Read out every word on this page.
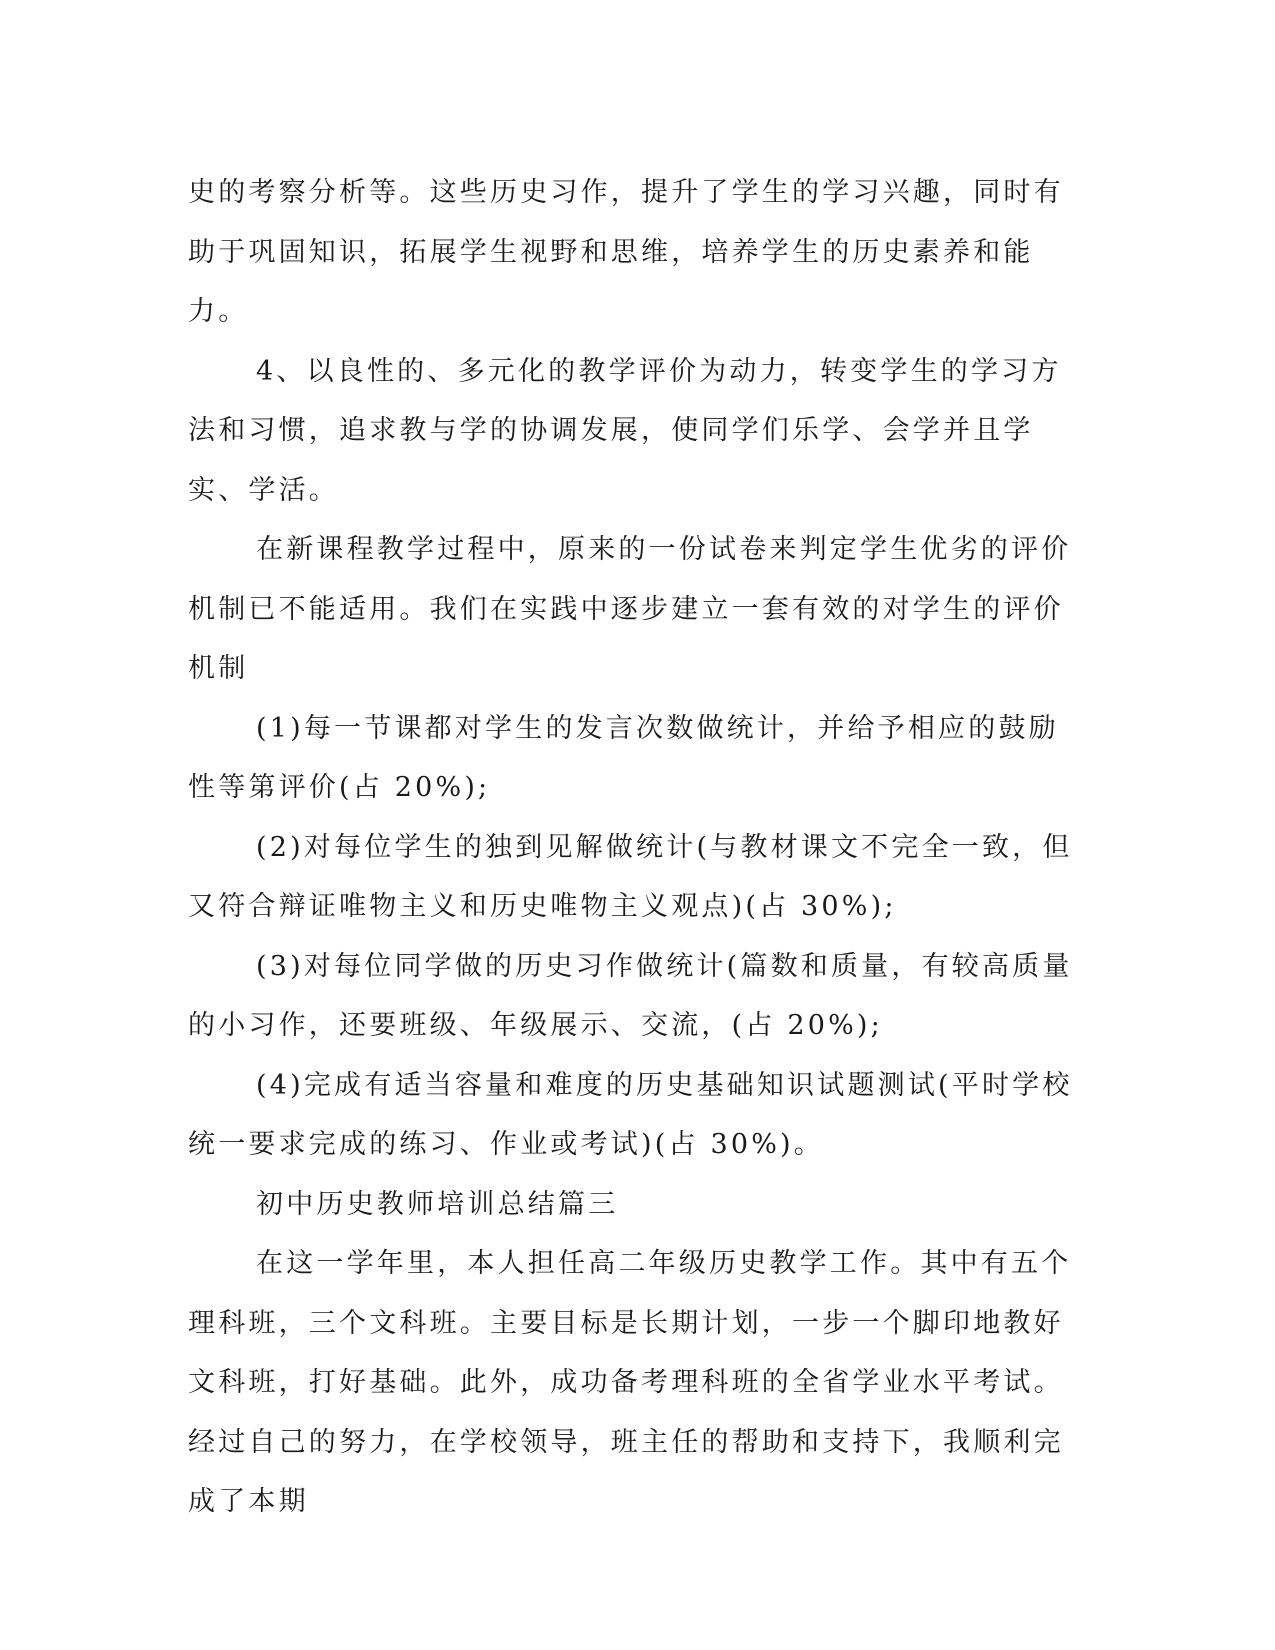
史的考察分析等。这些历史习作，提升了学生的学习兴趣，同时有助于巩固知识，拓展学生视野和思维，培养学生的历史素养和能力。

4、以良性的、多元化的教学评价为动力，转变学生的学习方法和习惯，追求教与学的协调发展，使同学们乐学、会学并且学实、学活。

在新课程教学过程中，原来的一份试卷来判定学生优劣的评价机制已不能适用。我们在实践中逐步建立一套有效的对学生的评价机制

(1)每一节课都对学生的发言次数做统计，并给予相应的鼓励性等第评价(占 20%);

(2)对每位学生的独到见解做统计(与教材课文不完全一致，但又符合辩证唯物主义和历史唯物主义观点)(占 30%);

(3)对每位同学做的历史习作做统计(篇数和质量，有较高质量的小习作，还要班级、年级展示、交流，(占 20%);

(4)完成有适当容量和难度的历史基础知识试题测试(平时学校统一要求完成的练习、作业或考试)(占 30%)。

初中历史教师培训总结篇三

在这一学年里，本人担任高二年级历史教学工作。其中有五个理科班，三个文科班。主要目标是长期计划，一步一个脚印地教好文科班，打好基础。此外，成功备考理科班的全省学业水平考试。经过自己的努力，在学校领导，班主任的帮助和支持下，我顺利完成了本期
